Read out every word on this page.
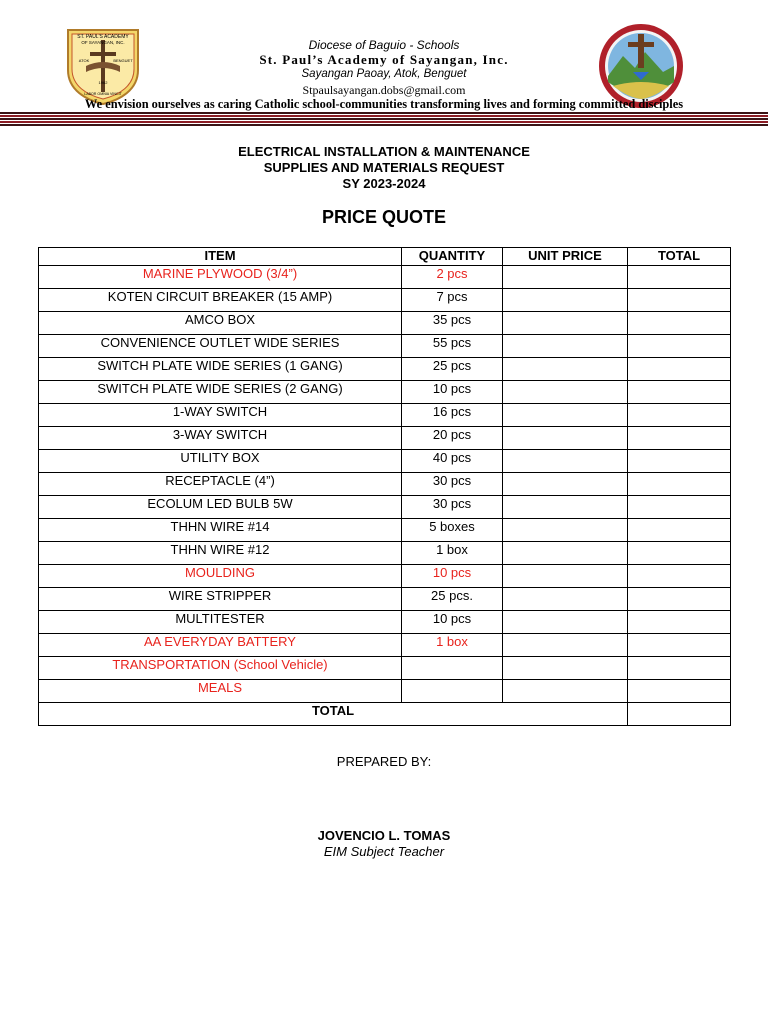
ST. PAUL'S ACADEMY
OF SAYANGAN, INC.
ATOK	BENGUET
1962
LABOR OMNIA VINCIT
Diocese of Baguio - Schools
St. Paul’s Academy of Sayangan, Inc.
Sayangan Paoay, Atok, Benguet
Stpaulsayangan.dobs@gmail.com
We envision ourselves as caring Catholic school-communities transforming lives and forming committed disciples
ELECTRICAL INSTALLATION & MAINTENANCE
SUPPLIES AND MATERIALS REQUEST
SY 2023-2024
PRICE QUOTE
ITEM	QUANTITY	UNIT PRICE	TOTAL
MARINE PLYWOOD (3/4”)	2 pcs		
KOTEN CIRCUIT BREAKER (15 AMP)	7 pcs		
AMCO BOX	35 pcs		
CONVENIENCE OUTLET WIDE SERIES	55 pcs		
SWITCH PLATE WIDE SERIES (1 GANG)	25 pcs		
SWITCH PLATE WIDE SERIES (2 GANG)	10 pcs		
1-WAY SWITCH	16 pcs		
3-WAY SWITCH	20 pcs		
UTILITY BOX	40 pcs		
RECEPTACLE (4”)	30 pcs		
ECOLUM LED BULB 5W	30 pcs		
THHN WIRE #14	5 boxes		
THHN WIRE #12	1 box		
MOULDING	10 pcs		
WIRE STRIPPER	25 pcs.		
MULTITESTER	10 pcs		
AA EVERYDAY BATTERY	1 box		
TRANSPORTATION (School Vehicle)			
MEALS			
TOTAL			
PREPARED BY:
JOVENCIO L. TOMAS
EIM Subject Teacher
